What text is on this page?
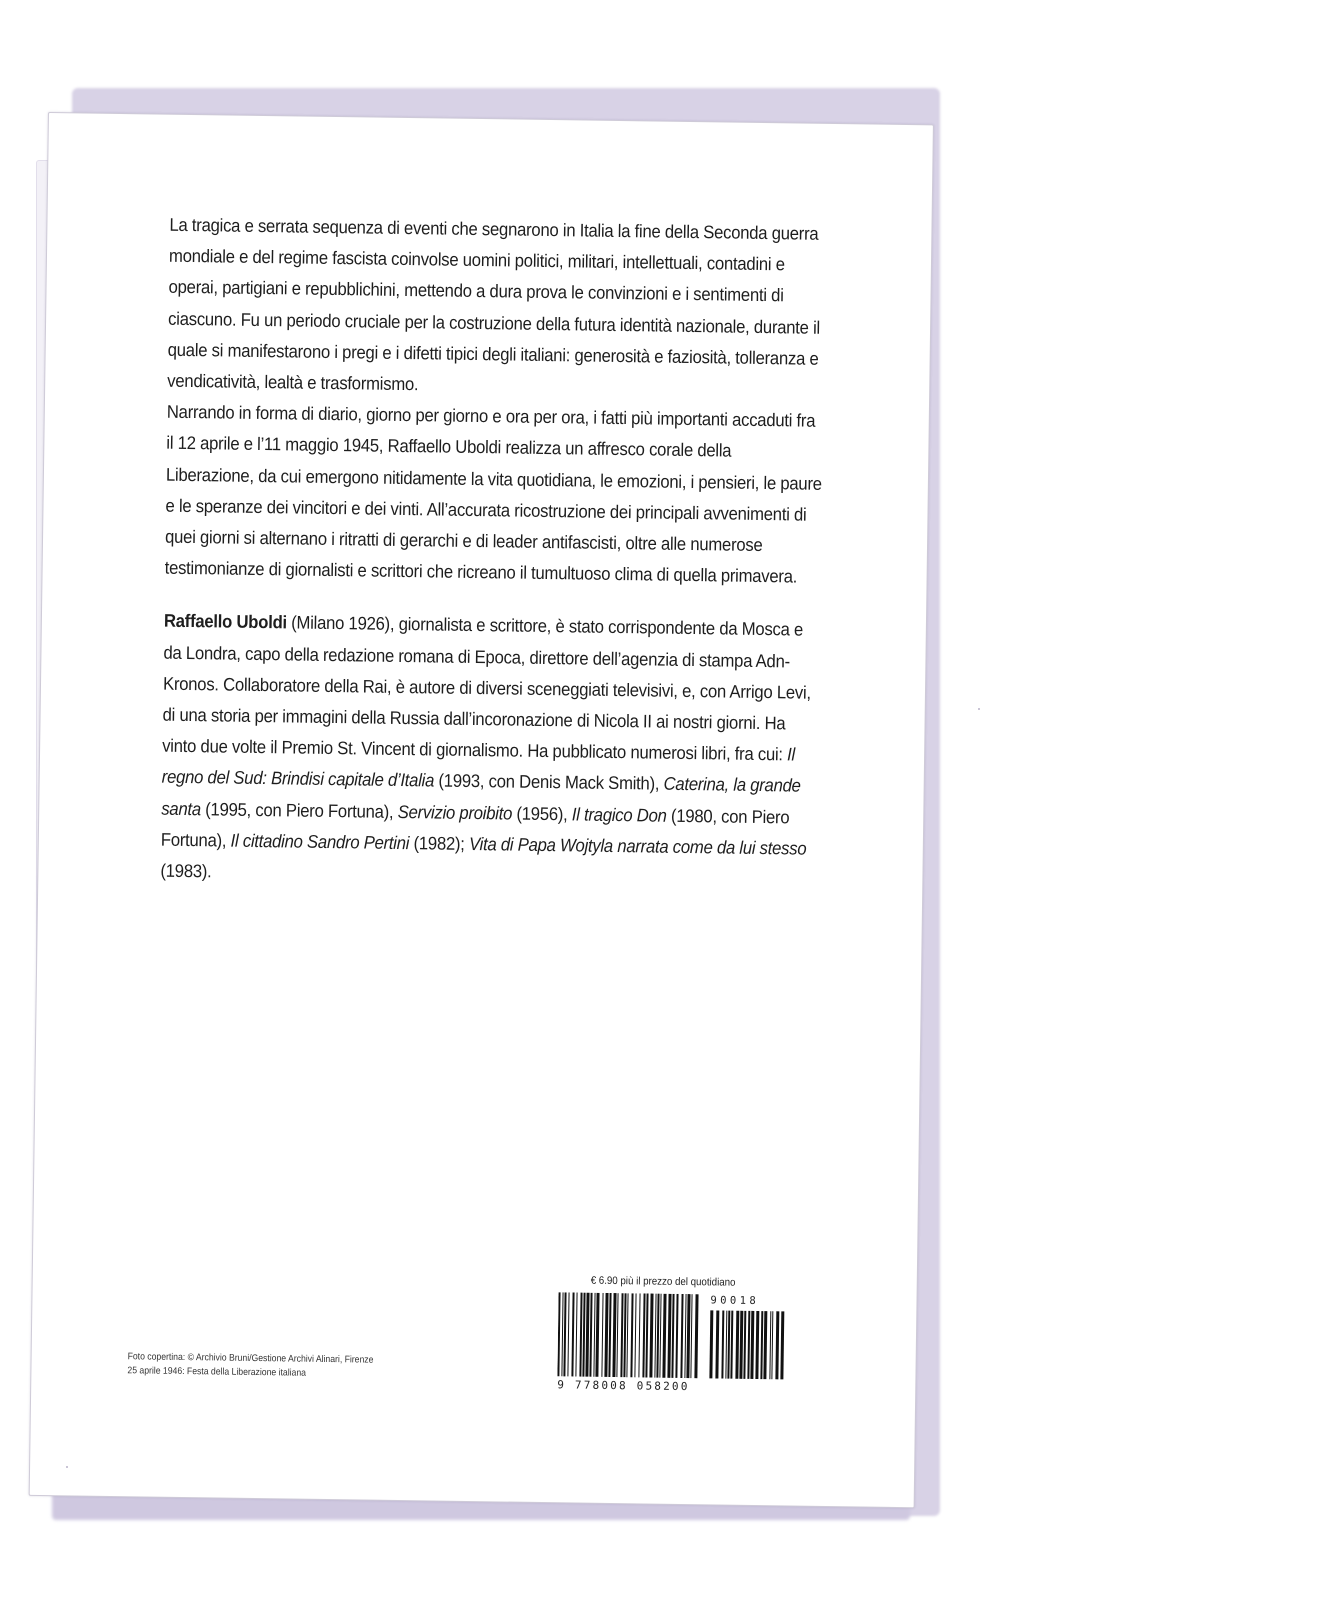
La tragica e serrata sequenza di eventi che segnarono in Italia la fine della Seconda guerra mondiale e del regime fascista coinvolse uomini politici, militari, intellettuali, contadini e operai, partigiani e repubblichini, mettendo a dura prova le convinzioni e i sentimenti di ciascuno. Fu un periodo cruciale per la costruzione della futura identità nazionale, durante il quale si manifestarono i pregi e i difetti tipici degli italiani: generosità e faziosità, tolleranza e vendicatività, lealtà e trasformismo.

Narrando in forma di diario, giorno per giorno e ora per ora, i fatti più importanti accaduti fra il 12 aprile e l’11 maggio 1945, Raffaello Uboldi realizza un affresco corale della Liberazione, da cui emergono nitidamente la vita quotidiana, le emozioni, i pensieri, le paure e le speranze dei vincitori e dei vinti. All’accurata ricostruzione dei principali avvenimenti di quei giorni si alternano i ritratti di gerarchi e di leader antifascisti, oltre alle numerose testimonianze di giornalisti e scrittori che ricreano il tumultuoso clima di quella primavera.

Raffaello Uboldi (Milano 1926), giornalista e scrittore, è stato corrispondente da Mosca e da Londra, capo della redazione romana di Epoca, direttore dell’agenzia di stampa Adn-Kronos. Collaboratore della Rai, è autore di diversi sceneggiati televisivi, e, con Arrigo Levi, di una storia per immagini della Russia dall’incoronazione di Nicola II ai nostri giorni. Ha vinto due volte il Premio St. Vincent di giornalismo. Ha pubblicato numerosi libri, fra cui: Il regno del Sud: Brindisi capitale d’Italia (1993, con Denis Mack Smith), Caterina, la grande santa (1995, con Piero Fortuna), Servizio proibito (1956), Il tragico Don (1980, con Piero Fortuna), Il cittadino Sandro Pertini (1982); Vita di Papa Wojtyla narrata come da lui stesso (1983).

Foto copertina: © Archivio Bruni/Gestione Archivi Alinari, Firenze
25 aprile 1946: Festa della Liberazione italiana
€ 6.90 più il prezzo del quotidiano
9 778008 058200
90018
